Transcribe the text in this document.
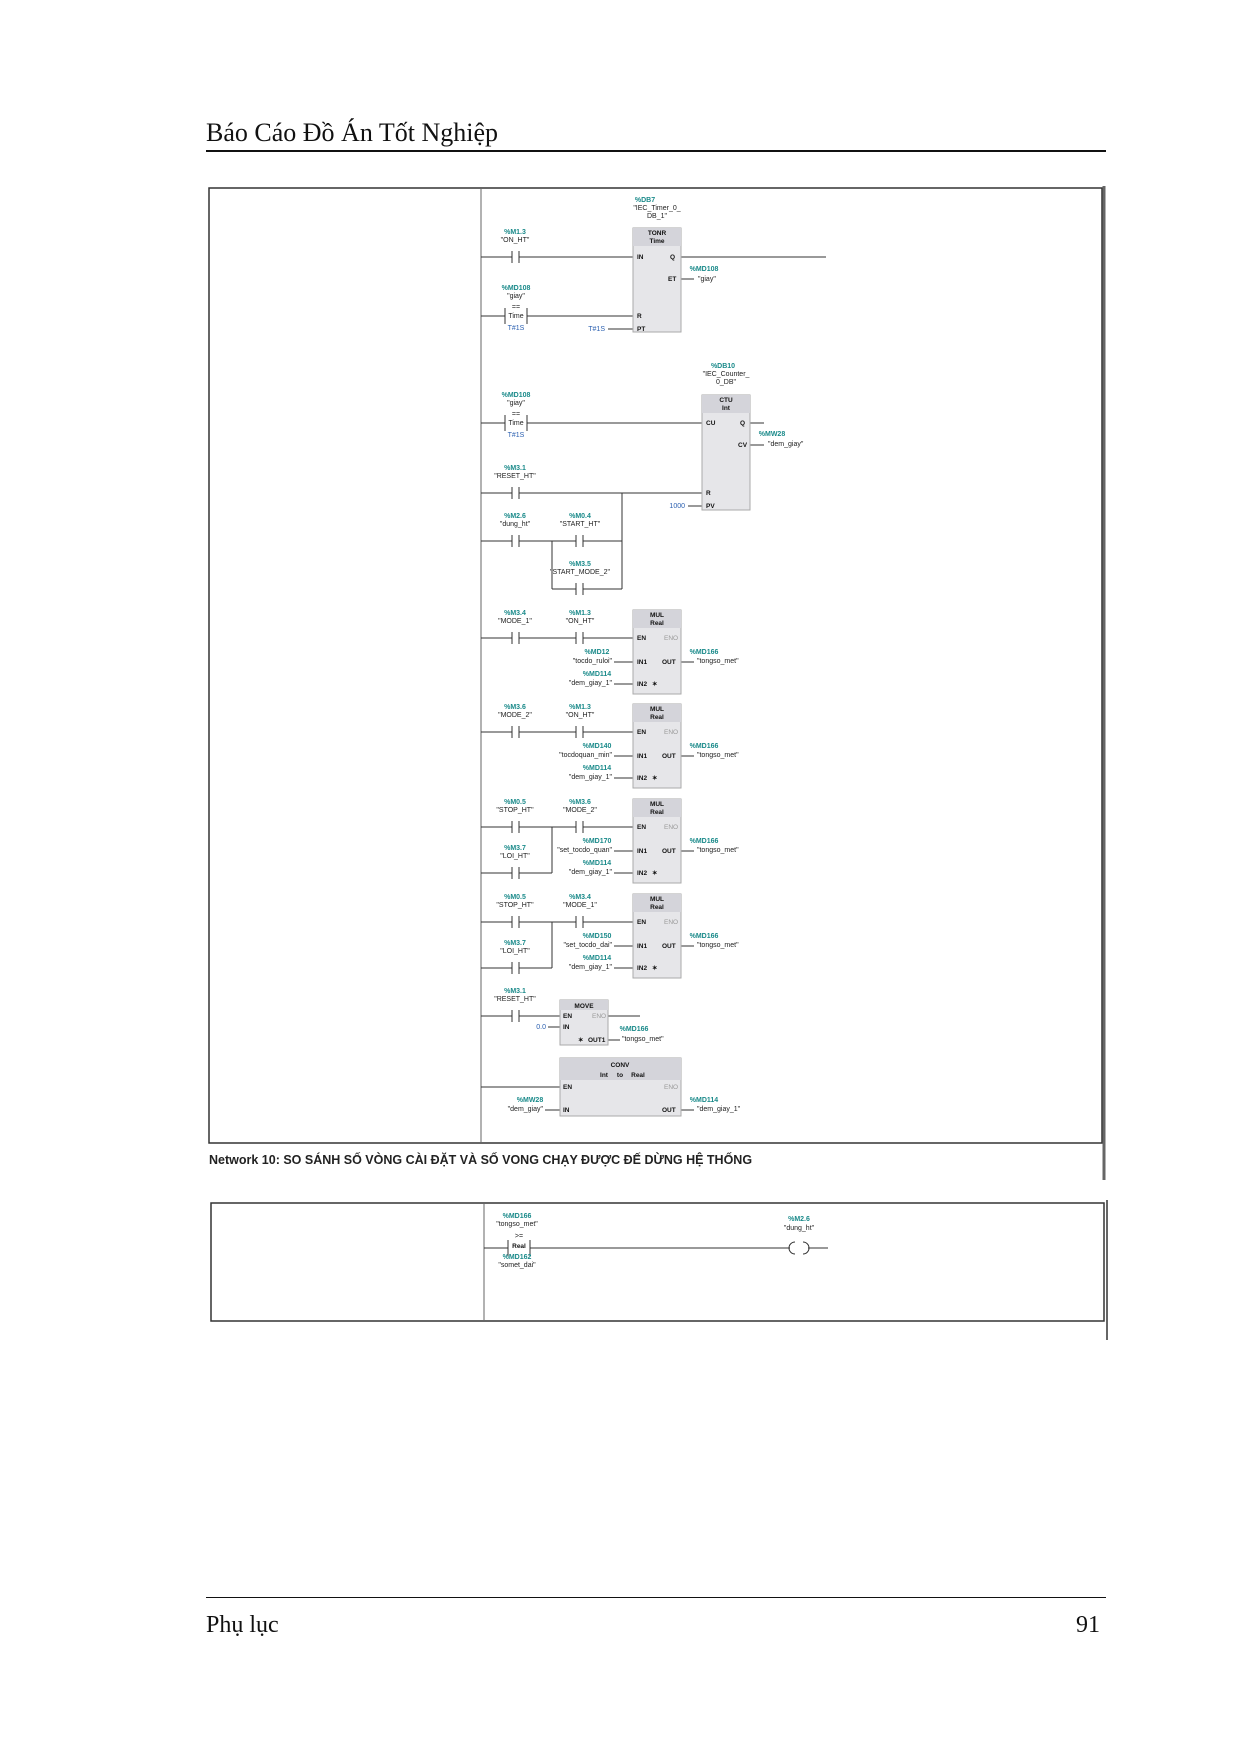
Báo Cáo Đồ Án Tốt Nghiệp
%DB7
"IEC_Timer_0_
DB_1"
TONR
Time
IN	Q
ET
R
PT
%M1.3
"ON_HT"
%MD108
"giay"
==
Time
T#1S	T#1S
%MD108
"giay"
%DB10
"IEC_Counter_
0_DB"
CTU
Int
CU	Q
CV
R
PV
%MD108
"giay"
==
Time
T#1S	%MW28
"dem_giay"
%M3.1
"RESET_HT"
1000
%M2.6
"dung_ht"
%M0.4
"START_HT"
%M3.5
"START_MODE_2"
MUL
Real
EN	ENO
IN1 OUT
IN2 ✶
%M3.4
"MODE_1"
%M1.3
"ON_HT"
%MD12
"tocdo_ruloi"
%MD114
"dem_giay_1"
%MD166
"tongso_met"
MUL
Real
EN	ENO
IN1 OUT
IN2 ✶
%M3.6
"MODE_2"
%M1.3
"ON_HT"
%MD140
"tocdoquan_min"
%MD114
"dem_giay_1"
%MD166
"tongso_met"
MUL
Real
EN	ENO
IN1 OUT
IN2 ✶
%M0.5
"STOP_HT"
%M3.7
"LOI_HT"
%M3.6
"MODE_2"
%MD170
"set_tocdo_quan"
%MD114
"dem_giay_1"
%MD166
"tongso_met"
MUL
Real
EN	ENO
IN1 OUT
IN2 ✶
%M0.5
"STOP_HT"
%M3.7
"LOI_HT"
%M3.4
"MODE_1"
%MD150
"set_tocdo_dai"
%MD114
"dem_giay_1"
%MD166
"tongso_met"
MOVE
EN	ENO
IN
✶ OUT1
%M3.1
"RESET_HT"
0.0	%MD166
"tongso_met"
CONV
Int to Real
EN	ENO
IN	OUT
%MW28
"dem_giay"
%MD114
"dem_giay_1"
%MD166
"tongso_met"
>=
Real
%MD162
"somet_dai"
%M2.6
"dung_ht"
Network 10: SO SÁNH SỐ VÒNG CÀI ĐẶT VÀ SỐ VONG CHẠY ĐƯỢC ĐẾ DỪNG HỆ THỐNG
Phụ lục	91
